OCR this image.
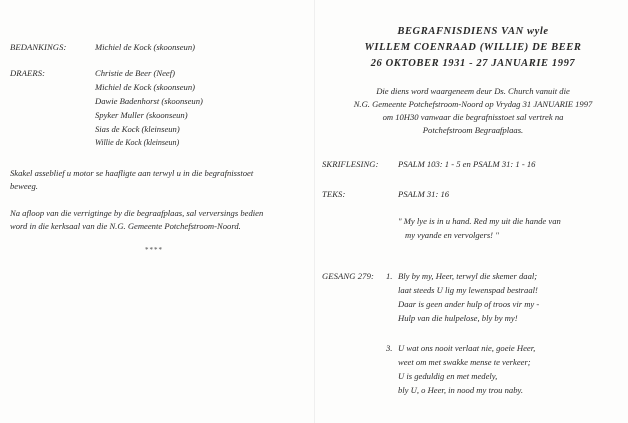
BEDANKINGS:	Michiel de Kock (skoonseun)
DRAERS:	Christie de Beer (Neef)
Michiel de Kock (skoonseun)
Dawie Badenhorst (skoonseun)
Spyker Muller (skoonseun)
Sias de Kock (kleinseun)
Willie de Kock (kleinseun)
Skakel asseblief u motor se haafligte aan terwyl u in die begrafnisstoet
beweeg.
Na afloop van die verrigtinge by die begraafplaas, sal verversings bedien
word in die kerksaal van die N.G. Gemeente Potchefstroom-Noord.
****
BEGRAFNISDIENS VAN wyle
WILLEM COENRAAD (WILLIE) DE BEER
26 OKTOBER 1931 - 27 JANUARIE 1997
Die diens word waargeneem deur Ds. Church vanuit die
N.G. Gemeente Potchefstroom-Noord op Vrydag 31 JANUARIE 1997
om 10H30 vanwaar die begrafnisstoet sal vertrek na
Potchefstroom Begraafplaas.
SKRIFLESING: PSALM 103: 1 - 5 en PSALM 31: 1 - 16
TEKS:	PSALM 31: 16
" My lye is in u hand. Red my uit die hande van
my vyande en vervolgers! "
GESANG 279: 1. Bly by my, Heer, terwyl die skemer daal;
laat steeds U lig my lewenspad bestraal!
Daar is geen ander hulp of troos vir my -
Hulp van die hulpelose, bly by my!
3. U wat ons nooit verlaat nie, goeie Heer,
weet om met swakke mense te verkeer;
U is geduldig en met medely,
bly U, o Heer, in nood my trou naby.
